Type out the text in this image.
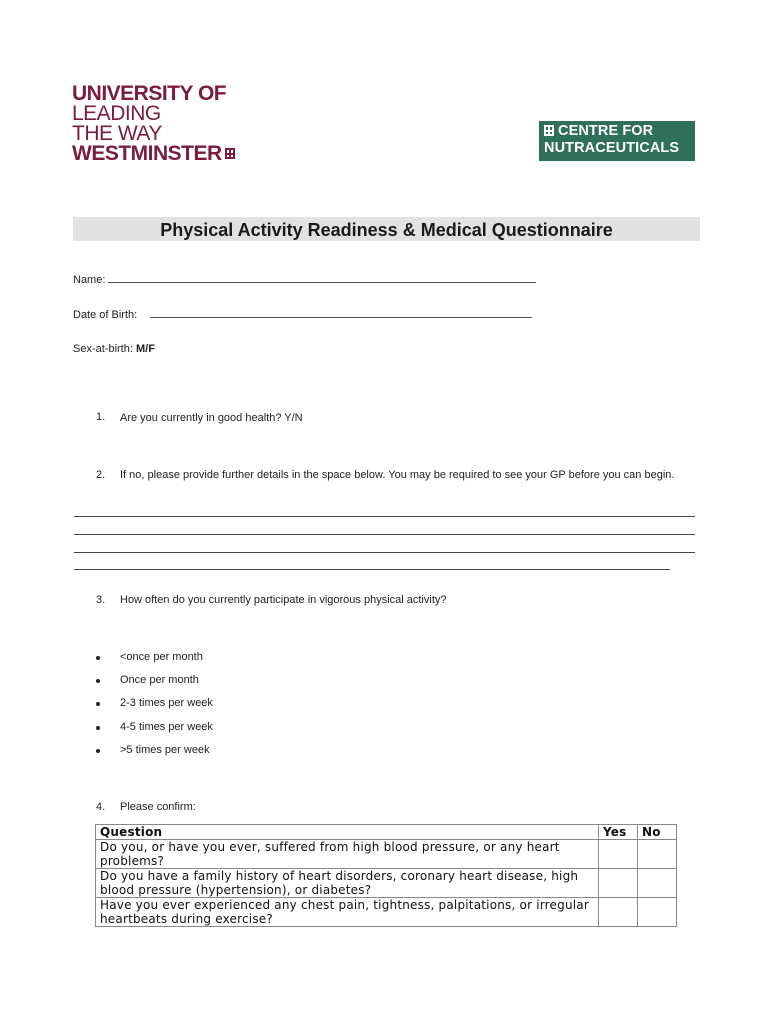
UNIVERSITY OF
LEADING
THE WAY
WESTMINSTER
CENTRE FOR
NUTRACEUTICALS
Physical Activity Readiness & Medical Questionnaire
Name:
Date of Birth:
Sex-at-birth: M/F
1. Are you currently in good health? Y/N
2. If no, please provide further details in the space below. You may be required to see your GP before you can begin.
3. How often do you currently participate in vigorous physical activity?
<once per month
Once per month
2-3 times per week
4-5 times per week
>5 times per week
4. Please confirm:
Question	Yes	No
Do you, or have you ever, suffered from high blood pressure, or any heart problems?		
Do you have a family history of heart disorders, coronary heart disease, high blood pressure (hypertension), or diabetes?		
Have you ever experienced any chest pain, tightness, palpitations, or irregular heartbeats during exercise?		
